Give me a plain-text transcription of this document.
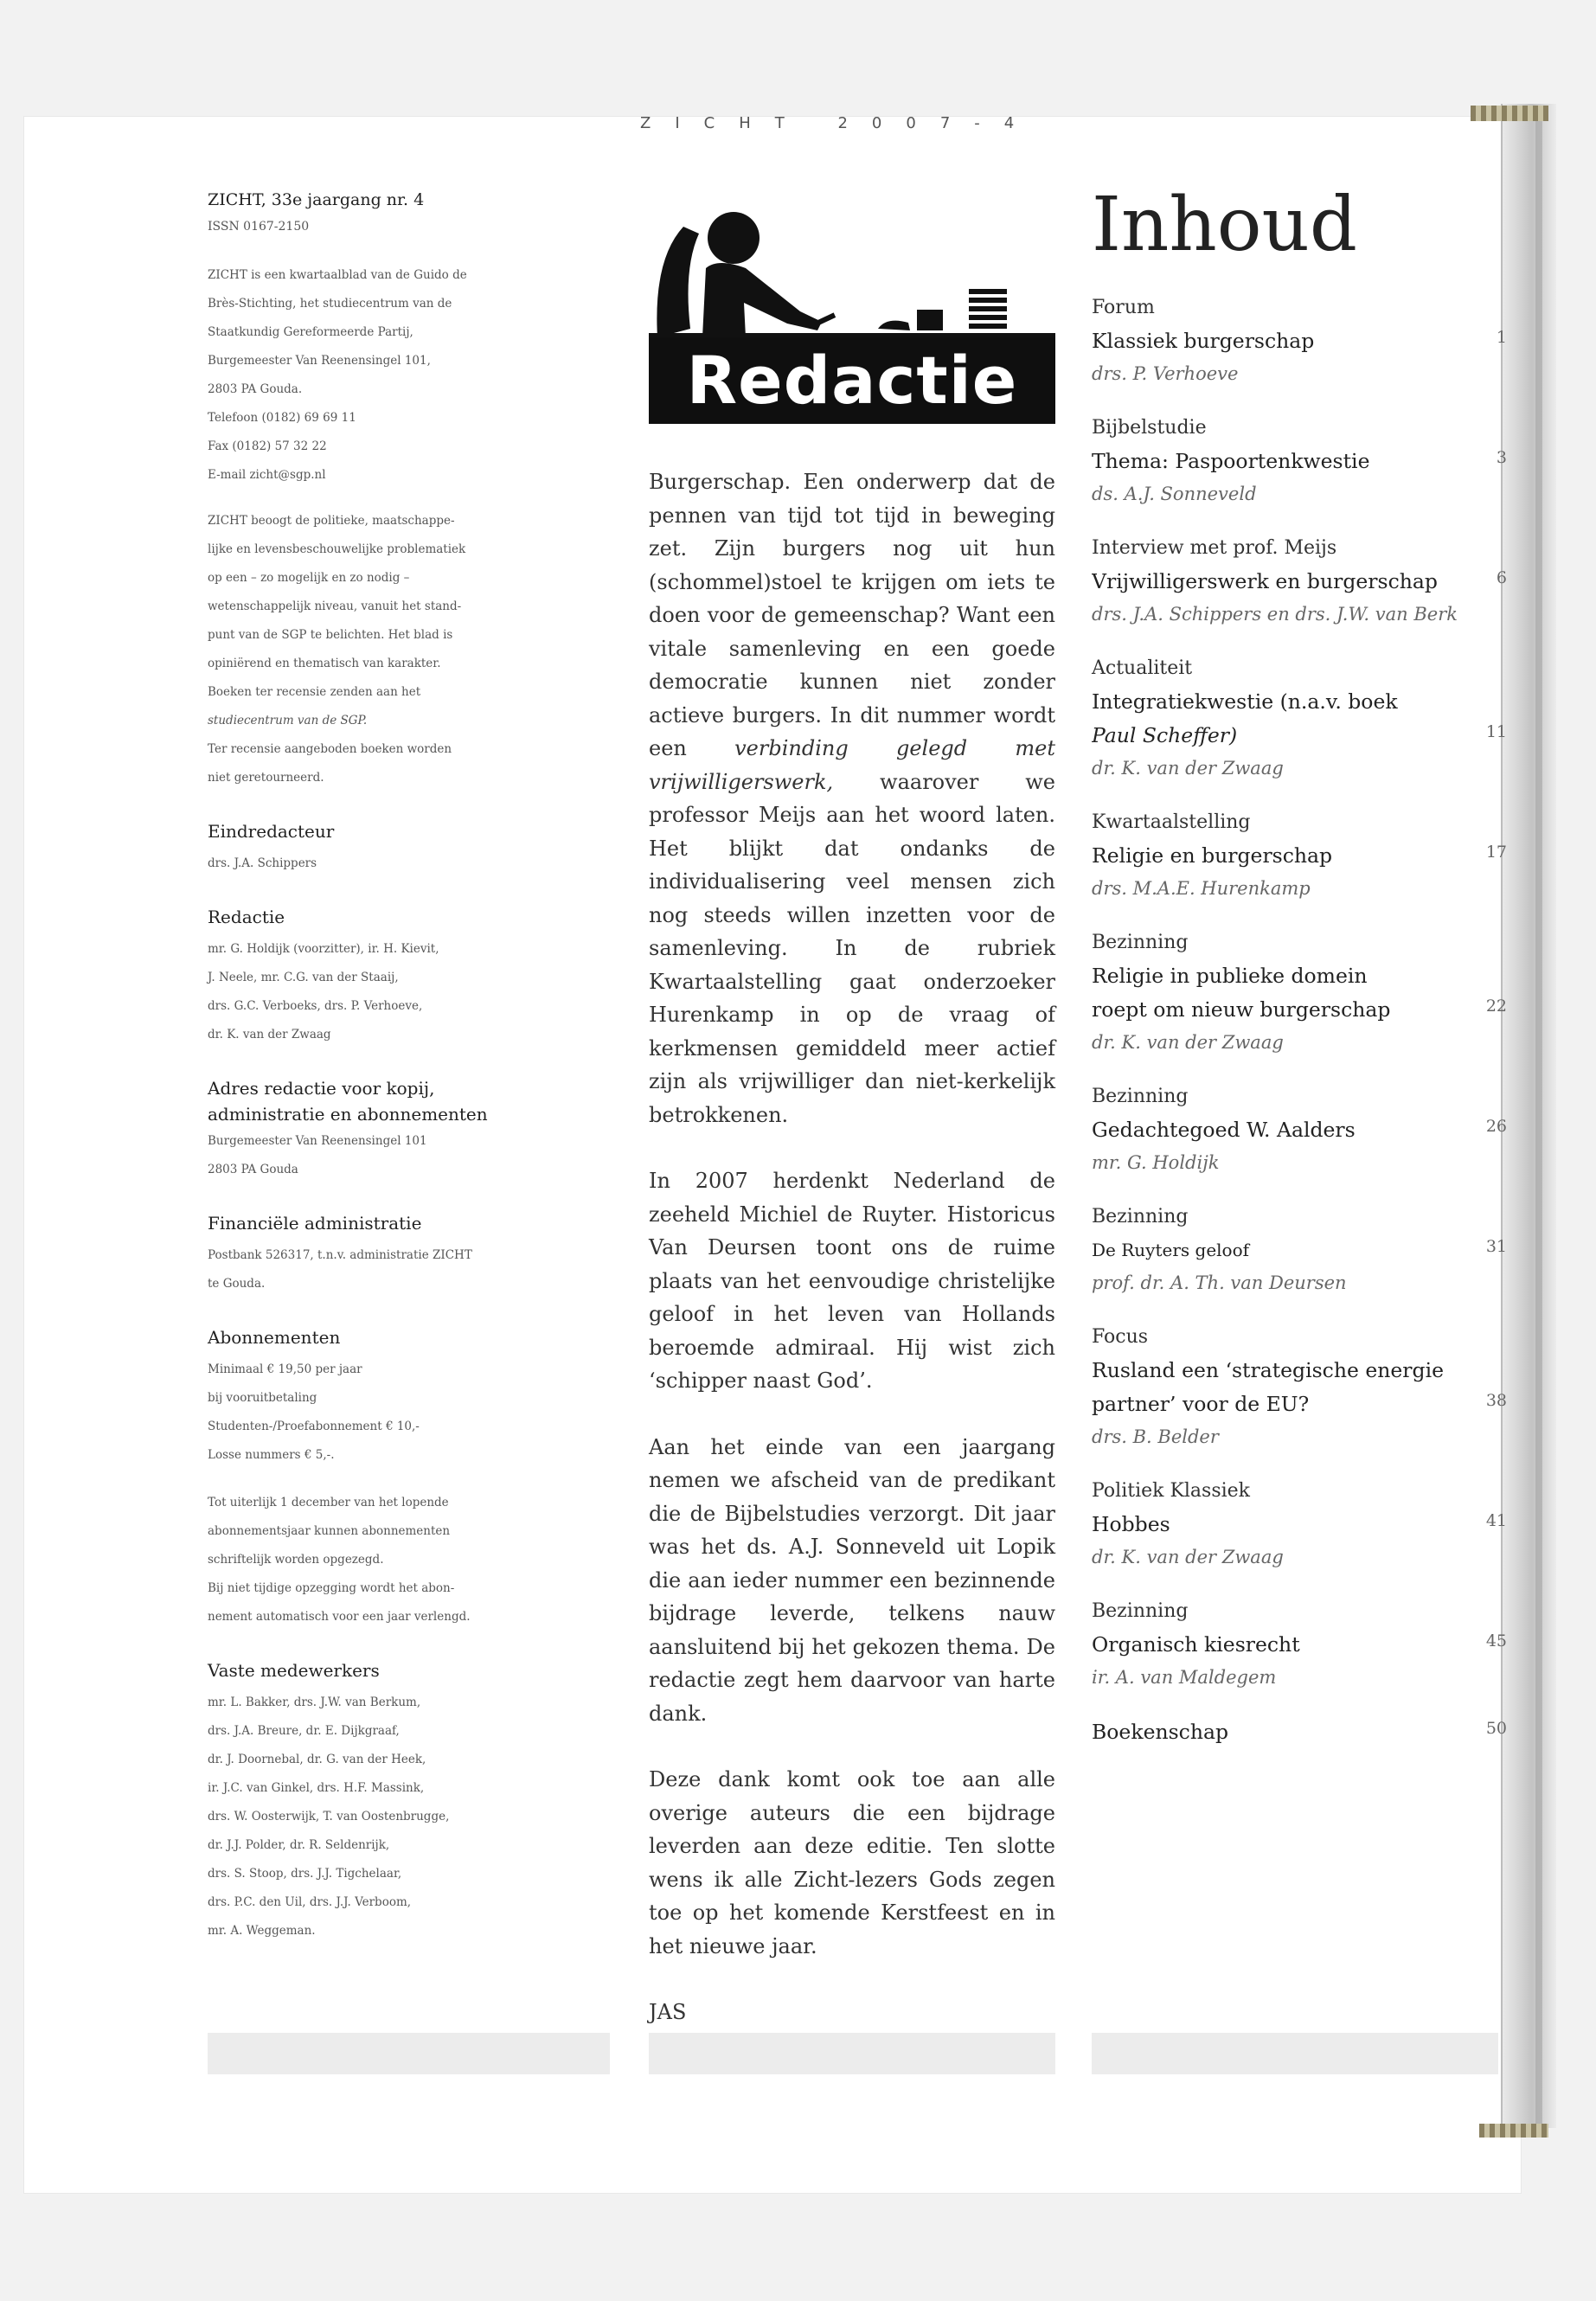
ZICHT 2007-4
ZICHT, 33e jaargang nr. 4
ISSN 0167-2150

ZICHT is een kwartaalblad van de Guido de
Brès-Stichting, het studiecentrum van de
Staatkundig Gereformeerde Partij,
Burgemeester Van Reenensingel 101,
2803 PA Gouda.
Telefoon (0182) 69 69 11
Fax (0182) 57 32 22
E-mail zicht@sgp.nl

ZICHT beoogt de politieke, maatschappe-
lijke en levensbeschouwelijke problematiek
op een – zo mogelijk en zo nodig –
wetenschappelijk niveau, vanuit het stand-
punt van de SGP te belichten. Het blad is
opiniërend en thematisch van karakter.
Boeken ter recensie zenden aan het
studiecentrum van de SGP.
Ter recensie aangeboden boeken worden
niet geretourneerd.

Eindredacteur
drs. J.A. Schippers
Redactie
mr. G. Holdijk (voorzitter), ir. H. Kievit,
J. Neele, mr. C.G. van der Staaij,
drs. G.C. Verboeks, drs. P. Verhoeve,
dr. K. van der Zwaag
Adres redactie voor kopij,
administratie en abonnementen
Burgemeester Van Reenensingel 101
2803 PA Gouda
Financiële administratie
Postbank 526317, t.n.v. administratie ZICHT
te Gouda.
Abonnementen
Minimaal € 19,50 per jaar
bij vooruitbetaling
Studenten-/Proefabonnement € 10,-
Losse nummers € 5,-.
Tot uiterlijk 1 december van het lopende
abonnementsjaar kunnen abonnementen
schriftelijk worden opgezegd.
Bij niet tijdige opzegging wordt het abon-
nement automatisch voor een jaar verlengd.
Vaste medewerkers
mr. L. Bakker, drs. J.W. van Berkum,
drs. J.A. Breure, dr. E. Dijkgraaf,
dr. J. Doornebal, dr. G. van der Heek,
ir. J.C. van Ginkel, drs. H.F. Massink,
drs. W. Oosterwijk, T. van Oostenbrugge,
dr. J.J. Polder, dr. R. Seldenrijk,
drs. S. Stoop, drs. J.J. Tigchelaar,
drs. P.C. den Uil, drs. J.J. Verboom,
mr. A. Weggeman.
Redactie

Burgerschap. Een onderwerp dat de pennen van tijd tot tijd in beweging zet. Zijn burgers nog uit hun (schommel)stoel te krijgen om iets te doen voor de gemeenschap? Want een vitale samenleving en een goede democratie kunnen niet zonder actieve burgers. In dit nummer wordt een verbinding gelegd met vrijwilligerswerk, waarover we professor Meijs aan het woord laten. Het blijkt dat ondanks de individualisering veel mensen zich nog steeds willen inzetten voor de samenleving. In de rubriek Kwartaalstelling gaat onderzoeker Hurenkamp in op de vraag of kerkmensen gemiddeld meer actief zijn als vrijwilliger dan niet-kerkelijk betrokkenen.

In 2007 herdenkt Nederland de zeeheld Michiel de Ruyter. Historicus Van Deursen toont ons de ruime plaats van het eenvoudige christelijke geloof in het leven van Hollands beroemde admiraal. Hij wist zich ‘schipper naast God’.

Aan het einde van een jaargang nemen we afscheid van de predikant die de Bijbelstudies verzorgt. Dit jaar was het ds. A.J. Sonneveld uit Lopik die aan ieder nummer een bezinnende bijdrage leverde, telkens nauw aansluitend bij het gekozen thema. De redactie zegt hem daarvoor van harte dank.

Deze dank komt ook toe aan alle overige auteurs die een bijdrage leverden aan deze editie. Ten slotte wens ik alle Zicht-lezers Gods zegen toe op het komende Kerstfeest en in het nieuwe jaar.

JAS
Inhoud
Forum
Klassiek burgerschap	1
drs. P. Verhoeve
Bijbelstudie
Thema: Paspoortenkwestie	3
ds. A.J. Sonneveld
Interview met prof. Meijs
Vrijwilligerswerk en burgerschap	6
drs. J.A. Schippers en drs. J.W. van Berk
Actualiteit
Integratiekwestie (n.a.v. boek
Paul Scheffer)	11
dr. K. van der Zwaag
Kwartaalstelling
Religie en burgerschap	17
drs. M.A.E. Hurenkamp
Bezinning
Religie in publieke domein
roept om nieuw burgerschap	22
dr. K. van der Zwaag
Bezinning
Gedachtegoed W. Aalders	26
mr. G. Holdijk
Bezinning
De Ruyters geloof	31
prof. dr. A. Th. van Deursen
Focus
Rusland een ‘strategische energie
partner’ voor de EU?	38
drs. B. Belder
Politiek Klassiek
Hobbes	41
dr. K. van der Zwaag
Bezinning
Organisch kiesrecht	45
ir. A. van Maldegem
Boekenschap	50
